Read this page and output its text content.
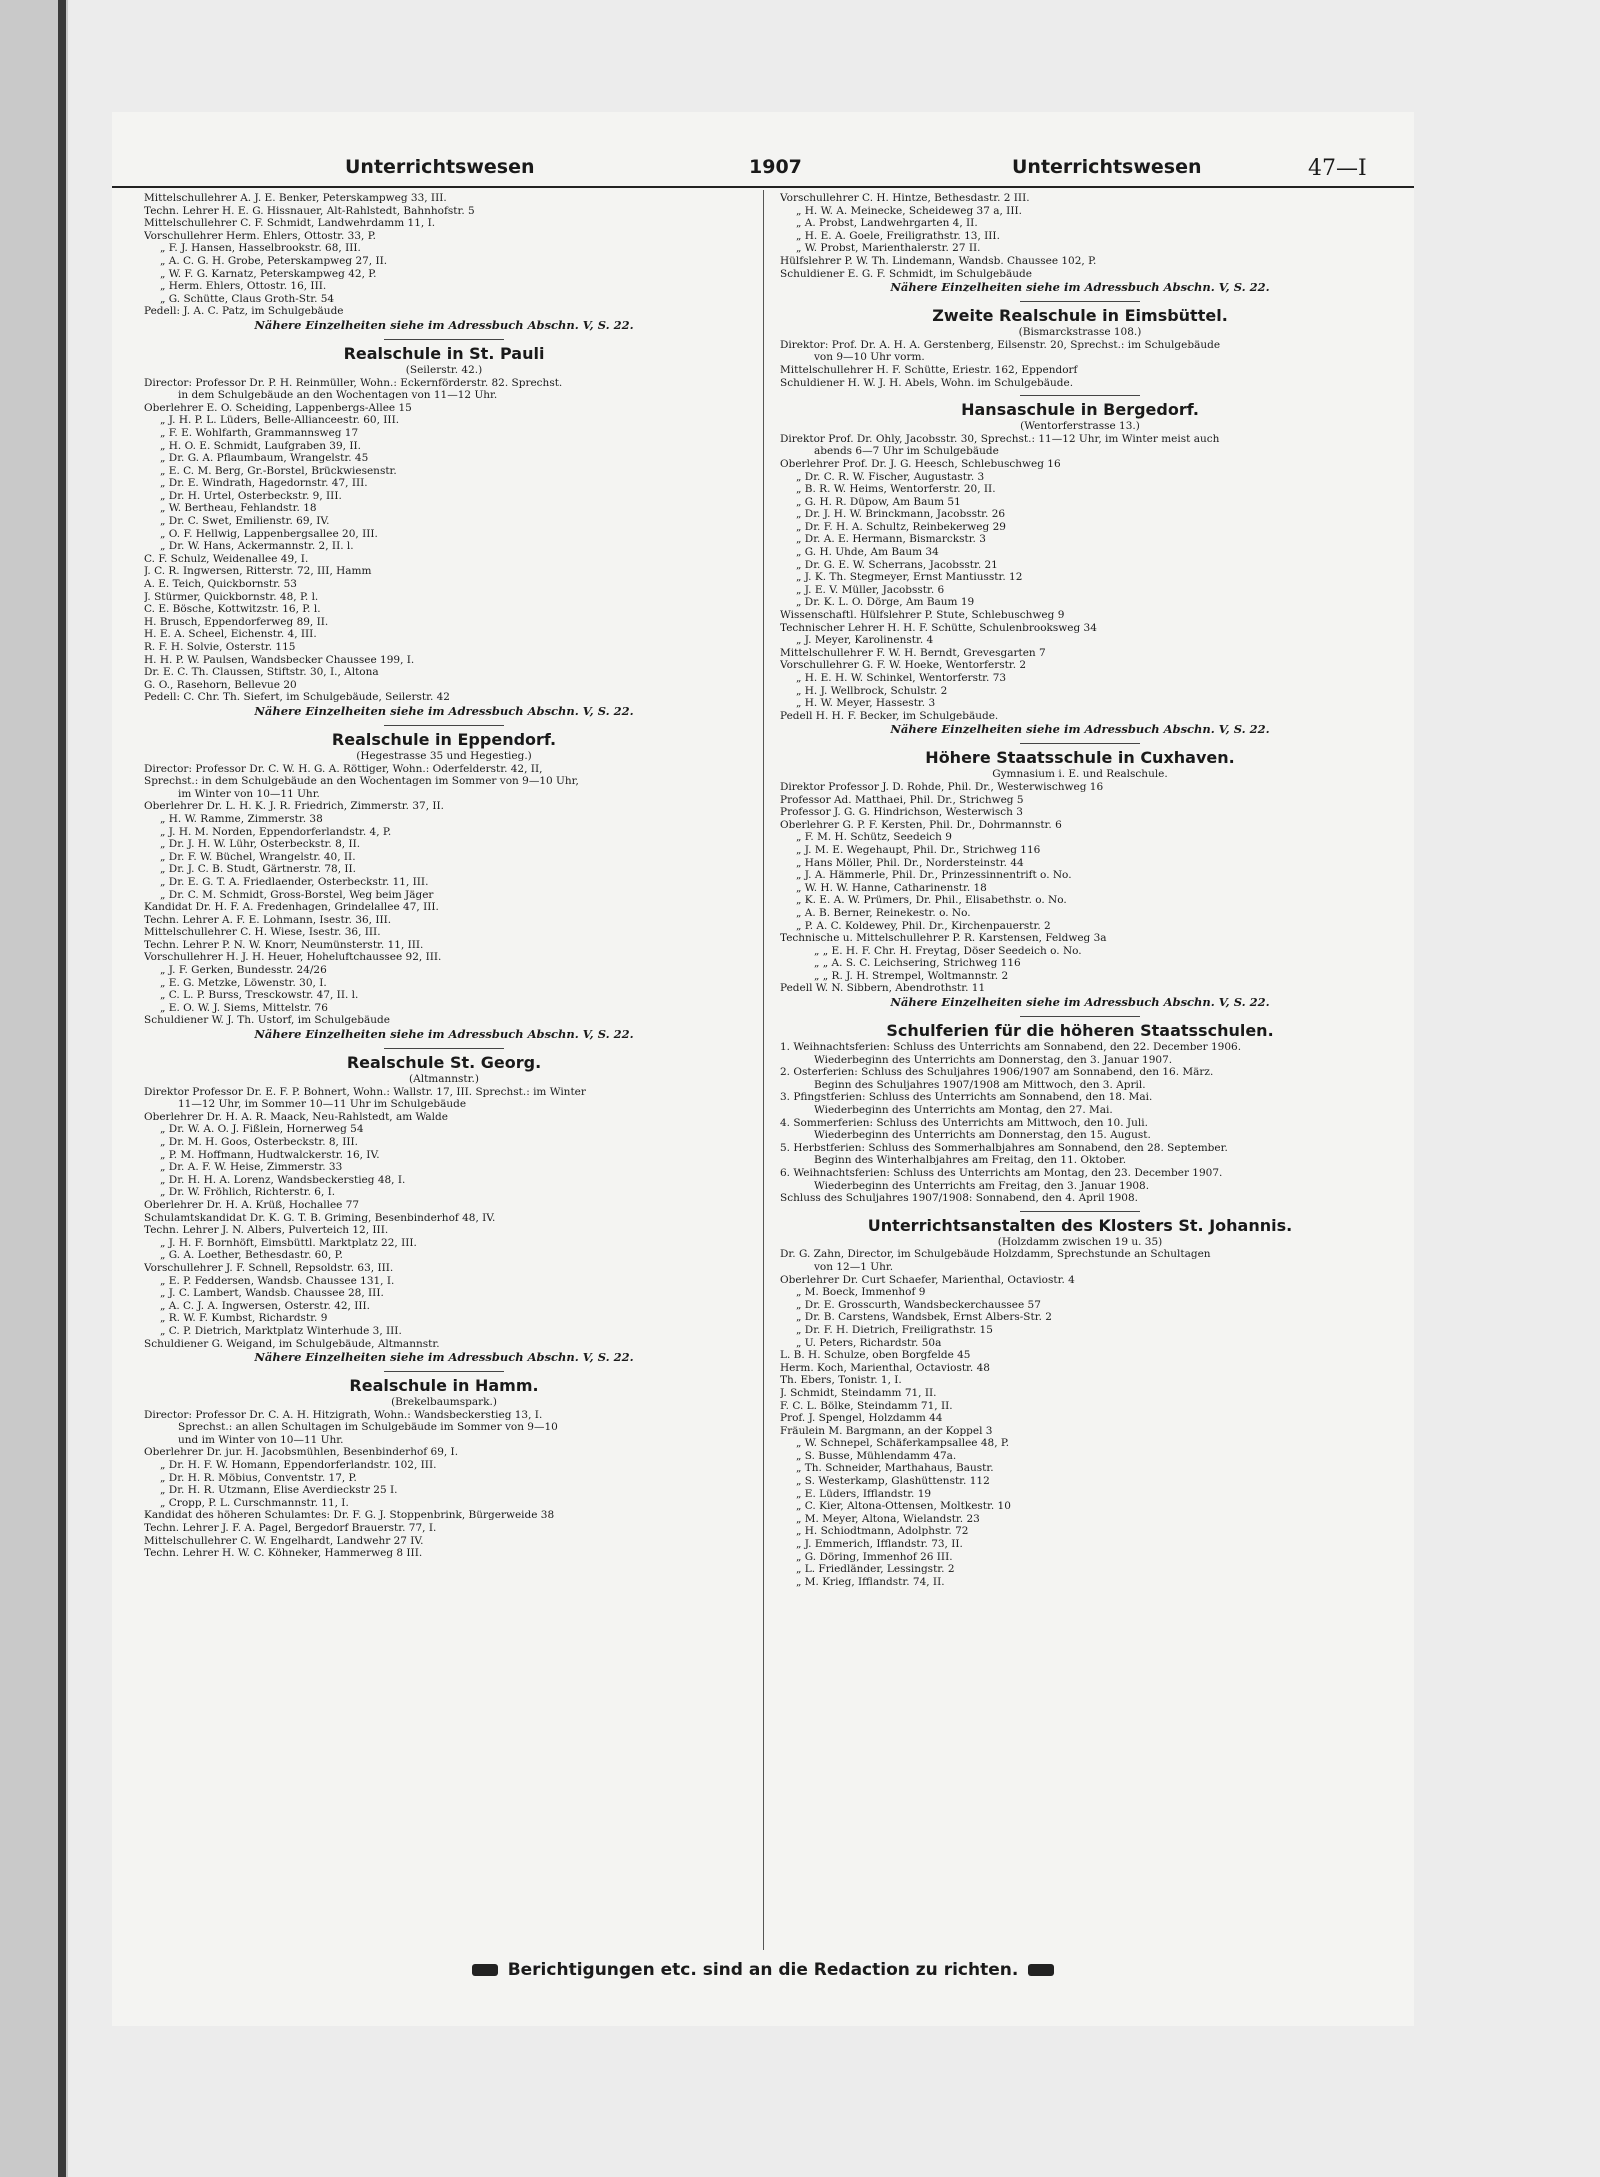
Unterrichtswesen	1907	Unterrichtswesen	47—I

Mittelschullehrer A. J. E. Benker, Peterskampweg 33, III.

Techn. Lehrer H. E. G. Hissnauer, Alt-Rahlstedt, Bahnhofstr. 5

Mittelschullehrer C. F. Schmidt, Landwehrdamm 11, I.

Vorschullehrer Herm. Ehlers, Ottostr. 33, P.

„ F. J. Hansen, Hasselbrookstr. 68, III.

„ A. C. G. H. Grobe, Peterskampweg 27, II.

„ W. F. G. Karnatz, Peterskampweg 42, P.

„ Herm. Ehlers, Ottostr. 16, III.

„ G. Schütte, Claus Groth-Str. 54

Pedell: J. A. C. Patz, im Schulgebäude

Nähere Einzelheiten siehe im Adressbuch Abschn. V, S. 22.

Realschule in St. Pauli

(Seilerstr. 42.)

Director: Professor Dr. P. H. Reinmüller, Wohn.: Eckernförderstr. 82. Sprechst.

in dem Schulgebäude an den Wochentagen von 11—12 Uhr.

Oberlehrer E. O. Scheiding, Lappenbergs-Allee 15

„ J. H. P. L. Lüders, Belle-Allianceestr. 60, III.

„ F. E. Wohlfarth, Grammannsweg 17

„ H. O. E. Schmidt, Laufgraben 39, II.

„ Dr. G. A. Pflaumbaum, Wrangelstr. 45

„ E. C. M. Berg, Gr.-Borstel, Brückwiesenstr.

„ Dr. E. Windrath, Hagedornstr. 47, III.

„ Dr. H. Urtel, Osterbeckstr. 9, III.

„ W. Bertheau, Fehlandstr. 18

„ Dr. C. Swet, Emilienstr. 69, IV.

„ O. F. Hellwig, Lappenbergsallee 20, III.

„ Dr. W. Hans, Ackermannstr. 2, II. l.

C. F. Schulz, Weidenallee 49, I.

J. C. R. Ingwersen, Ritterstr. 72, III, Hamm

A. E. Teich, Quickbornstr. 53

J. Stürmer, Quickbornstr. 48, P. l.

C. E. Bösche, Kottwitzstr. 16, P. l.

H. Brusch, Eppendorferweg 89, II.

H. E. A. Scheel, Eichenstr. 4, III.

R. F. H. Solvie, Osterstr. 115

H. H. P. W. Paulsen, Wandsbecker Chaussee 199, I.

Dr. E. C. Th. Claussen, Stiftstr. 30, I., Altona

G. O., Rasehorn, Bellevue 20

Pedell: C. Chr. Th. Siefert, im Schulgebäude, Seilerstr. 42

Nähere Einzelheiten siehe im Adressbuch Abschn. V, S. 22.

Realschule in Eppendorf.

(Hegestrasse 35 und Hegestieg.)

Director: Professor Dr. C. W. H. G. A. Röttiger, Wohn.: Oderfelderstr. 42, II,

Sprechst.: in dem Schulgebäude an den Wochentagen im Sommer von 9—10 Uhr,

im Winter von 10—11 Uhr.

Oberlehrer Dr. L. H. K. J. R. Friedrich, Zimmerstr. 37, II.

„ H. W. Ramme, Zimmerstr. 38

„ J. H. M. Norden, Eppendorferlandstr. 4, P.

„ Dr. J. H. W. Lühr, Osterbeckstr. 8, II.

„ Dr. F. W. Büchel, Wrangelstr. 40, II.

„ Dr. J. C. B. Studt, Gärtnerstr. 78, II.

„ Dr. E. G. T. A. Friedlaender, Osterbeckstr. 11, III.

„ Dr. C. M. Schmidt, Gross-Borstel, Weg beim Jäger

Kandidat Dr. H. F. A. Fredenhagen, Grindelallee 47, III.

Techn. Lehrer A. F. E. Lohmann, Isestr. 36, III.

Mittelschullehrer C. H. Wiese, Isestr. 36, III.

Techn. Lehrer P. N. W. Knorr, Neumünsterstr. 11, III.

Vorschullehrer H. J. H. Heuer, Hoheluftchaussee 92, III.

„ J. F. Gerken, Bundesstr. 24/26

„ E. G. Metzke, Löwenstr. 30, I.

„ C. L. P. Burss, Tresckowstr. 47, II. l.

„ E. O. W. J. Siems, Mittelstr. 76

Schuldiener W. J. Th. Ustorf, im Schulgebäude

Nähere Einzelheiten siehe im Adressbuch Abschn. V, S. 22.

Realschule St. Georg.

(Altmannstr.)

Direktor Professor Dr. E. F. P. Bohnert, Wohn.: Wallstr. 17, III. Sprechst.: im Winter

11—12 Uhr, im Sommer 10—11 Uhr im Schulgebäude

Oberlehrer Dr. H. A. R. Maack, Neu-Rahlstedt, am Walde

„ Dr. W. A. O. J. Fißlein, Hornerweg 54

„ Dr. M. H. Goos, Osterbeckstr. 8, III.

„ P. M. Hoffmann, Hudtwalckerstr. 16, IV.

„ Dr. A. F. W. Heise, Zimmerstr. 33

„ Dr. H. H. A. Lorenz, Wandsbeckerstieg 48, I.

„ Dr. W. Fröhlich, Richterstr. 6, I.

Oberlehrer Dr. H. A. Krüß, Hochallee 77

Schulamtskandidat Dr. K. G. T. B. Griming, Besenbinderhof 48, IV.

Techn. Lehrer J. N. Albers, Pulverteich 12, III.

„ J. H. F. Bornhöft, Eimsbüttl. Marktplatz 22, III.

„ G. A. Loether, Bethesdastr. 60, P.

Vorschullehrer J. F. Schnell, Repsoldstr. 63, III.

„ E. P. Feddersen, Wandsb. Chaussee 131, I.

„ J. C. Lambert, Wandsb. Chaussee 28, III.

„ A. C. J. A. Ingwersen, Osterstr. 42, III.

„ R. W. F. Kumbst, Richardstr. 9

„ C. P. Dietrich, Marktplatz Winterhude 3, III.

Schuldiener G. Weigand, im Schulgebäude, Altmannstr.

Nähere Einzelheiten siehe im Adressbuch Abschn. V, S. 22.

Realschule in Hamm.

(Brekelbaumspark.)

Director: Professor Dr. C. A. H. Hitzigrath, Wohn.: Wandsbeckerstieg 13, I.

Sprechst.: an allen Schultagen im Schulgebäude im Sommer von 9—10

und im Winter von 10—11 Uhr.

Oberlehrer Dr. jur. H. Jacobsmühlen, Besenbinderhof 69, I.

„ Dr. H. F. W. Homann, Eppendorferlandstr. 102, III.

„ Dr. H. R. Möbius, Conventstr. 17, P.

„ Dr. H. R. Utzmann, Elise Averdieckstr 25 I.

„ Cropp, P. L. Curschmannstr. 11, I.

Kandidat des höheren Schulamtes: Dr. F. G. J. Stoppenbrink, Bürgerweide 38

Techn. Lehrer J. F. A. Pagel, Bergedorf Brauerstr. 77, I.

Mittelschullehrer C. W. Engelhardt, Landwehr 27 IV.

Techn. Lehrer H. W. C. Köhneker, Hammerweg 8 III.

Vorschullehrer C. H. Hintze, Bethesdastr. 2 III.

„ H. W. A. Meinecke, Scheideweg 37 a, III.

„ A. Probst, Landwehrgarten 4, II.

„ H. E. A. Goele, Freiligrathstr. 13, III.

„ W. Probst, Marienthalerstr. 27 II.

Hülfslehrer P. W. Th. Lindemann, Wandsb. Chaussee 102, P.

Schuldiener E. G. F. Schmidt, im Schulgebäude

Nähere Einzelheiten siehe im Adressbuch Abschn. V, S. 22.

Zweite Realschule in Eimsbüttel.

(Bismarckstrasse 108.)

Direktor: Prof. Dr. A. H. A. Gerstenberg, Eilsenstr. 20, Sprechst.: im Schulgebäude

von 9—10 Uhr vorm.

Mittelschullehrer H. F. Schütte, Eriestr. 162, Eppendorf

Schuldiener H. W. J. H. Abels, Wohn. im Schulgebäude.

Hansaschule in Bergedorf.

(Wentorferstrasse 13.)

Direktor Prof. Dr. Ohly, Jacobsstr. 30, Sprechst.: 11—12 Uhr, im Winter meist auch

abends 6—7 Uhr im Schulgebäude

Oberlehrer Prof. Dr. J. G. Heesch, Schlebuschweg 16

„ Dr. C. R. W. Fischer, Augustastr. 3

„ B. R. W. Heims, Wentorferstr. 20, II.

„ G. H. R. Düpow, Am Baum 51

„ Dr. J. H. W. Brinckmann, Jacobsstr. 26

„ Dr. F. H. A. Schultz, Reinbekerweg 29

„ Dr. A. E. Hermann, Bismarckstr. 3

„ G. H. Uhde, Am Baum 34

„ Dr. G. E. W. Scherrans, Jacobsstr. 21

„ J. K. Th. Stegmeyer, Ernst Mantiusstr. 12

„ J. E. V. Müller, Jacobsstr. 6

„ Dr. K. L. O. Dörge, Am Baum 19

Wissenschaftl. Hülfslehrer P. Stute, Schlebuschweg 9

Technischer Lehrer H. H. F. Schütte, Schulenbrooksweg 34

„ J. Meyer, Karolinenstr. 4

Mittelschullehrer F. W. H. Berndt, Grevesgarten 7

Vorschullehrer G. F. W. Hoeke, Wentorferstr. 2

„ H. E. H. W. Schinkel, Wentorferstr. 73

„ H. J. Wellbrock, Schulstr. 2

„ H. W. Meyer, Hassestr. 3

Pedell H. H. F. Becker, im Schulgebäude.

Nähere Einzelheiten siehe im Adressbuch Abschn. V, S. 22.

Höhere Staatsschule in Cuxhaven.

Gymnasium i. E. und Realschule.

Direktor Professor J. D. Rohde, Phil. Dr., Westerwischweg 16

Professor Ad. Matthaei, Phil. Dr., Strichweg 5

Professor J. G. G. Hindrichson, Westerwisch 3

Oberlehrer G. P. F. Kersten, Phil. Dr., Dohrmannstr. 6

„ F. M. H. Schütz, Seedeich 9

„ J. M. E. Wegehaupt, Phil. Dr., Strichweg 116

„ Hans Möller, Phil. Dr., Nordersteinstr. 44

„ J. A. Hämmerle, Phil. Dr., Prinzessinnentrift o. No.

„ W. H. W. Hanne, Catharinenstr. 18

„ K. E. A. W. Prümers, Dr. Phil., Elisabethstr. o. No.

„ A. B. Berner, Reinekestr. o. No.

„ P. A. C. Koldewey, Phil. Dr., Kirchenpauerstr. 2

Technische u. Mittelschullehrer P. R. Karstensen, Feldweg 3a

„ „ E. H. F. Chr. H. Freytag, Döser Seedeich o. No.

„ „ A. S. C. Leichsering, Strichweg 116

„ „ R. J. H. Strempel, Woltmannstr. 2

Pedell W. N. Sibbern, Abendrothstr. 11

Nähere Einzelheiten siehe im Adressbuch Abschn. V, S. 22.

Schulferien für die höheren Staatsschulen.

1. Weihnachtsferien: Schluss des Unterrichts am Sonnabend, den 22. December 1906.

Wiederbeginn des Unterrichts am Donnerstag, den 3. Januar 1907.

2. Osterferien: Schluss des Schuljahres 1906/1907 am Sonnabend, den 16. März.

Beginn des Schuljahres 1907/1908 am Mittwoch, den 3. April.

3. Pfingstferien: Schluss des Unterrichts am Sonnabend, den 18. Mai.

Wiederbeginn des Unterrichts am Montag, den 27. Mai.

4. Sommerferien: Schluss des Unterrichts am Mittwoch, den 10. Juli.

Wiederbeginn des Unterrichts am Donnerstag, den 15. August.

5. Herbstferien: Schluss des Sommerhalbjahres am Sonnabend, den 28. September.

Beginn des Winterhalbjahres am Freitag, den 11. Oktober.

6. Weihnachtsferien: Schluss des Unterrichts am Montag, den 23. December 1907.

Wiederbeginn des Unterrichts am Freitag, den 3. Januar 1908.

Schluss des Schuljahres 1907/1908: Sonnabend, den 4. April 1908.

Unterrichtsanstalten des Klosters St. Johannis.

(Holzdamm zwischen 19 u. 35)

Dr. G. Zahn, Director, im Schulgebäude Holzdamm, Sprechstunde an Schultagen

von 12—1 Uhr.

Oberlehrer Dr. Curt Schaefer, Marienthal, Octaviostr. 4

„ M. Boeck, Immenhof 9

„ Dr. E. Grosscurth, Wandsbeckerchaussee 57

„ Dr. B. Carstens, Wandsbek, Ernst Albers-Str. 2

„ Dr. F. H. Dietrich, Freiligrathstr. 15

„ U. Peters, Richardstr. 50a

L. B. H. Schulze, oben Borgfelde 45

Herm. Koch, Marienthal, Octaviostr. 48

Th. Ebers, Tonistr. 1, I.

J. Schmidt, Steindamm 71, II.

F. C. L. Bölke, Steindamm 71, II.

Prof. J. Spengel, Holzdamm 44

Fräulein M. Bargmann, an der Koppel 3

„ W. Schnepel, Schäferkampsallee 48, P.

„ S. Busse, Mühlendamm 47a.

„ Th. Schneider, Marthahaus, Baustr.

„ S. Westerkamp, Glashüttenstr. 112

„ E. Lüders, Ifflandstr. 19

„ C. Kier, Altona-Ottensen, Moltkestr. 10

„ M. Meyer, Altona, Wielandstr. 23

„ H. Schiodtmann, Adolphstr. 72

„ J. Emmerich, Ifflandstr. 73, II.

„ G. Döring, Immenhof 26 III.

„ L. Friedländer, Lessingstr. 2

„ M. Krieg, Ifflandstr. 74, II.

Berichtigungen etc. sind an die Redaction zu richten.
